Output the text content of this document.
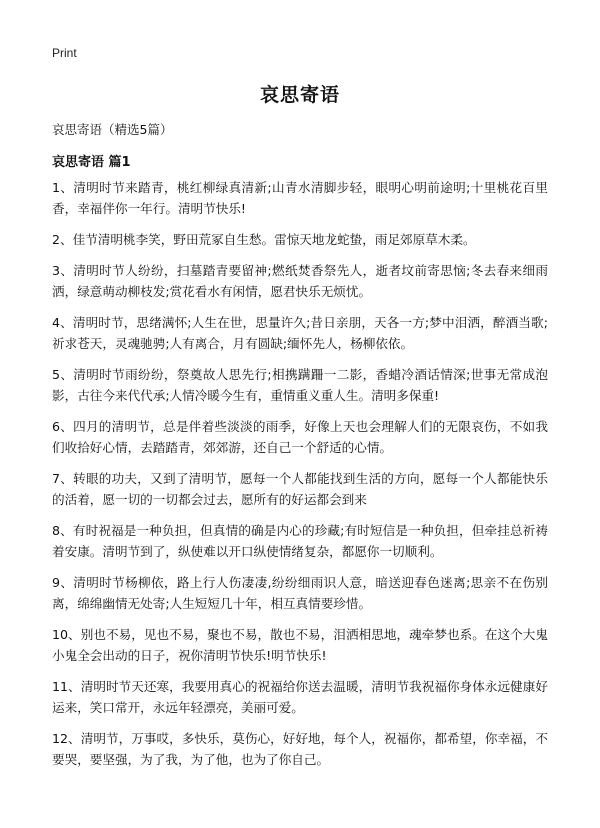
Print
哀思寄语
哀思寄语（精选5篇）
哀思寄语 篇1

1、清明时节来踏青，桃红柳绿真清新;山青水清脚步轻，眼明心明前途明;十里桃花百里香，幸福伴你一年行。清明节快乐!

2、佳节清明桃李笑，野田荒冢自生愁。雷惊天地龙蛇蛰，雨足郊原草木柔。

3、清明时节人纷纷，扫墓踏青要留神;燃纸焚香祭先人，逝者坟前寄思恼;冬去春来细雨洒，绿意萌动柳枝发;赏花看水有闲情，愿君快乐无烦忧。

4、清明时节，思绪满怀;人生在世，思量许久;昔日亲朋，天各一方;梦中泪洒，醉酒当歌;祈求苍天，灵魂驰骋;人有离合，月有圆缺;缅怀先人，杨柳依依。

5、清明时节雨纷纷，祭奠故人思先行;相携蹒跚一二影，香蜡冷酒话情深;世事无常成泡影，古往今来代代承;人情冷暖今生有，重情重义重人生。清明多保重!

6、四月的清明节，总是伴着些淡淡的雨季，好像上天也会理解人们的无限哀伤，不如我们收拾好心情，去踏踏青，郊郊游，还自己一个舒适的心情。

7、转眼的功夫，又到了清明节，愿每一个人都能找到生活的方向，愿每一个人都能快乐的活着，愿一切的一切都会过去，愿所有的好运都会到来

8、有时祝福是一种负担，但真情的确是内心的珍藏;有时短信是一种负担，但牵挂总祈祷着安康。清明节到了，纵使难以开口纵使情绪复杂，都愿你一切顺利。

9、清明时节杨柳依，路上行人伤凄凄,纷纷细雨识人意，暗送迎春色迷离;思亲不在伤别离，绵绵幽情无处寄;人生短短几十年，相互真情要珍惜。

10、别也不易，见也不易，聚也不易，散也不易，泪洒相思地，魂牵梦也系。在这个大鬼小鬼全会出动的日子，祝你清明节快乐!明节快乐!

11、清明时节天还寒，我要用真心的祝福给你送去温暖，清明节我祝福你身体永远健康好运来，笑口常开，永远年轻漂亮，美丽可爱。

12、清明节，万事哎，多快乐，莫伤心，好好地，每个人，祝福你，都希望，你幸福，不要哭，要坚强，为了我，为了他，也为了你自己。
